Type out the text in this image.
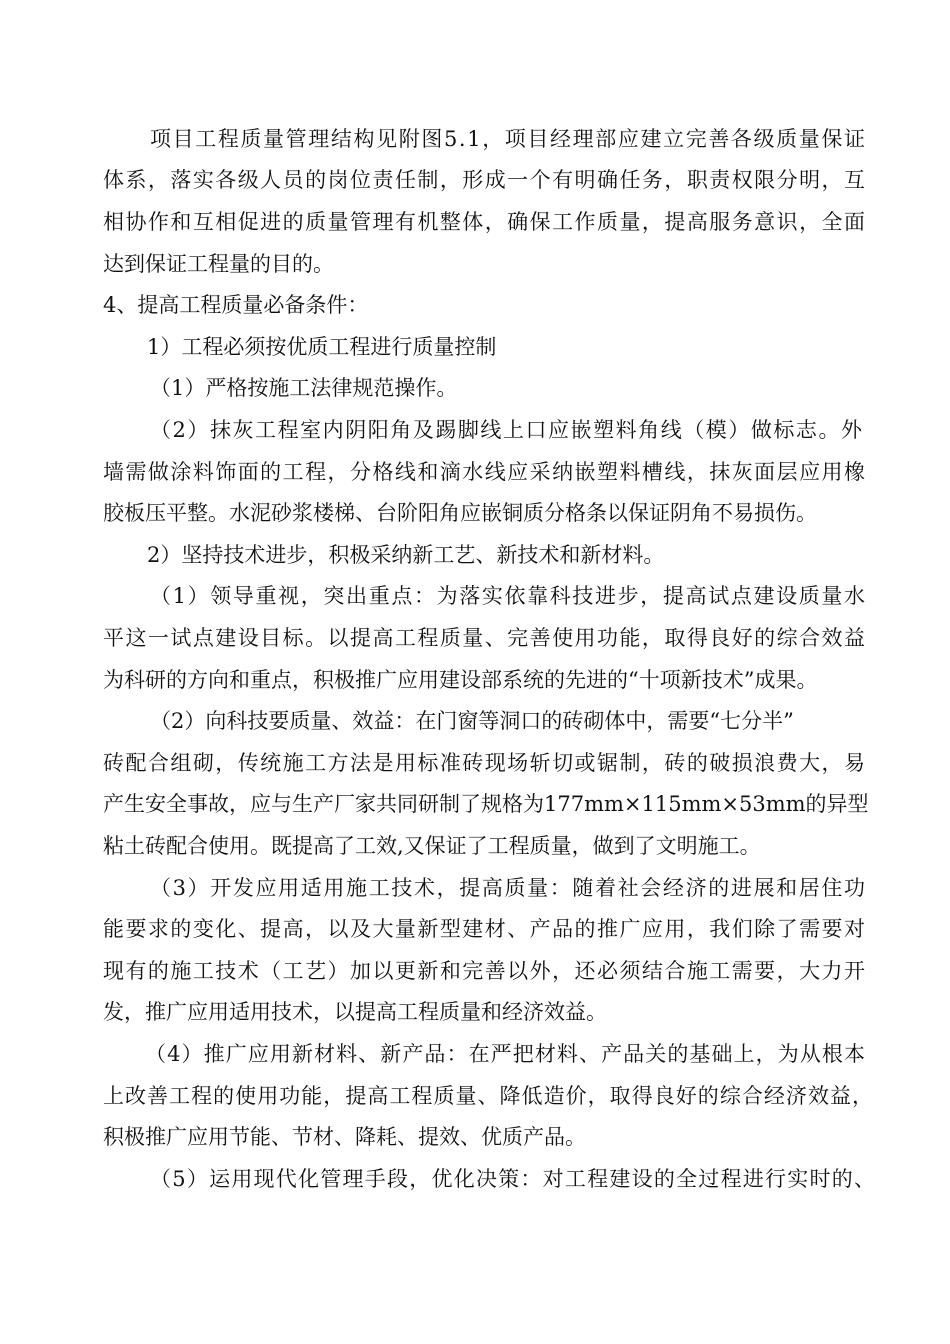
项目工程质量管理结构见附图5.1，项目经理部应建立完善各级质量保证
体系，落实各级人员的岗位责任制，形成一个有明确任务，职责权限分明，互
相协作和互相促进的质量管理有机整体，确保工作质量，提高服务意识，全面
达到保证工程量的目的。
4、提高工程质量必备条件：
1）工程必须按优质工程进行质量控制
（1）严格按施工法律规范操作。
（2）抹灰工程室内阴阳角及踢脚线上口应嵌塑料角线（模）做标志。外
墙需做涂料饰面的工程，分格线和滴水线应采纳嵌塑料槽线，抹灰面层应用橡
胶板压平整。水泥砂浆楼梯、台阶阳角应嵌铜质分格条以保证阴角不易损伤。
2）坚持技术进步，积极采纳新工艺、新技术和新材料。
（1）领导重视，突出重点：为落实依靠科技进步，提高试点建设质量水
平这一试点建设目标。以提高工程质量、完善使用功能，取得良好的综合效益
为科研的方向和重点，积极推广应用建设部系统的先进的“十项新技术”成果。
（2）向科技要质量、效益：在门窗等洞口的砖砌体中，需要“七分半”
砖配合组砌，传统施工方法是用标准砖现场斩切或锯制，砖的破损浪费大，易
产生安全事故，应与生产厂家共同研制了规格为177mm×115mm×53mm的异型
粘土砖配合使用。既提高了工效,又保证了工程质量，做到了文明施工。
（3）开发应用适用施工技术，提高质量：随着社会经济的进展和居住功
能要求的变化、提高，以及大量新型建材、产品的推广应用，我们除了需要对
现有的施工技术（工艺）加以更新和完善以外，还必须结合施工需要，大力开
发，推广应用适用技术，以提高工程质量和经济效益。
（4）推广应用新材料、新产品：在严把材料、产品关的基础上，为从根本
上改善工程的使用功能，提高工程质量、降低造价，取得良好的综合经济效益，
积极推广应用节能、节材、降耗、提效、优质产品。
（5）运用现代化管理手段，优化决策：对工程建设的全过程进行实时的、
